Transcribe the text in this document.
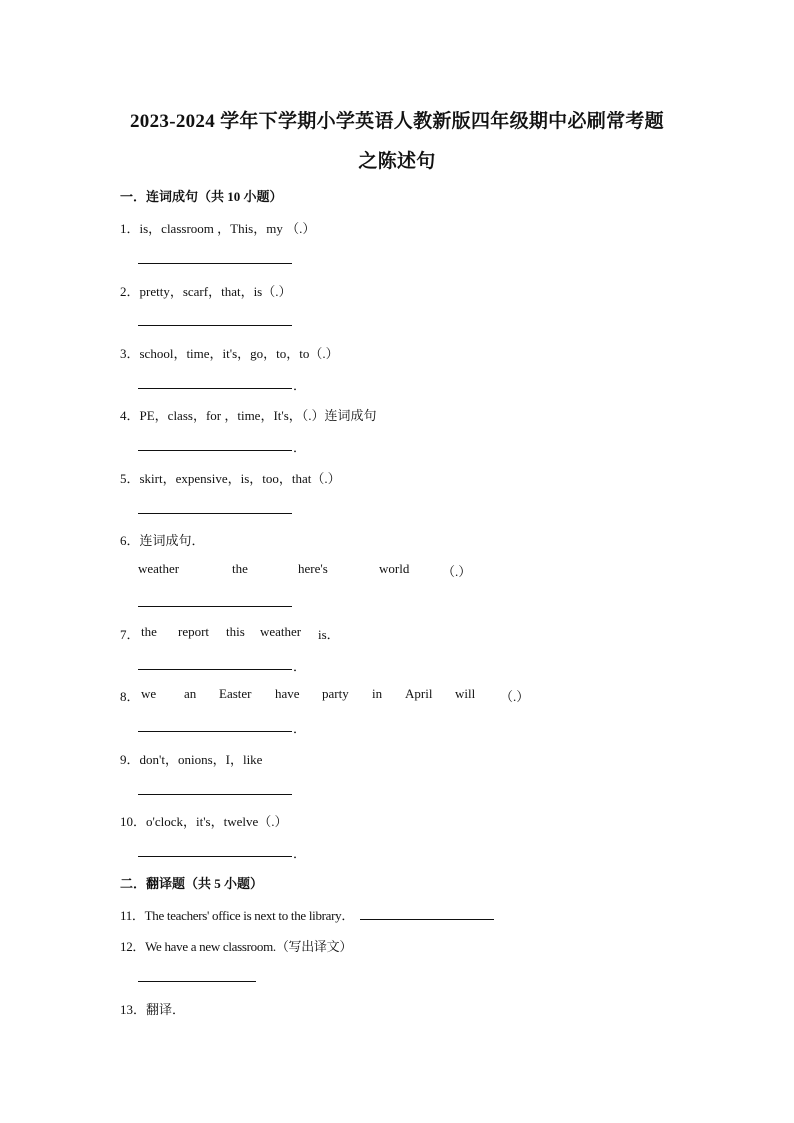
2023-2024 学年下学期小学英语人教新版四年级期中必刷常考题
之陈述句
一．连词成句（共 10 小题）
1．is，classroom ，This，my （.）
2．pretty，scarf，that，is（.）
3．school，time，it's，go，to，to（.）
．
4．PE，class，for ，time，It's，（.）连词成句
．
5．skirt，expensive，is，too，that（.）
6．连词成句．
weather	the	here's	world	（.）
7． the report this weather is．
．
8． we an Easter have party in April will （.）
．
9．don't，onions，I，like
10．o'clock，it's，twelve（.）
．
二．翻译题（共 5 小题）
11．The teachers' office is next to the library．
12．We have a new classroom.（写出译文）
13．翻译．
